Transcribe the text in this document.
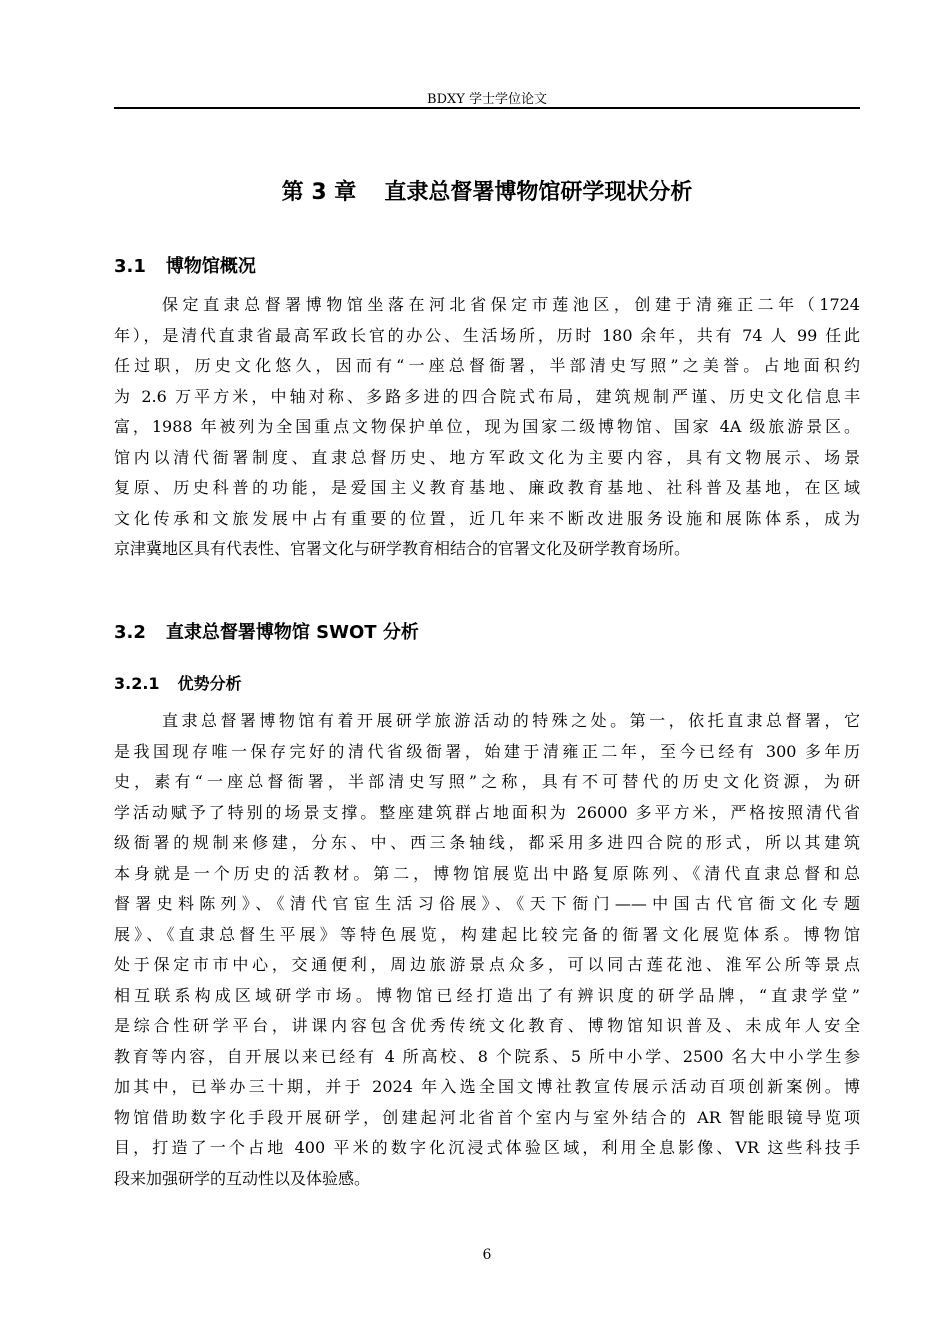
BDXY 学士学位论文
第 3 章 直隶总督署博物馆研学现状分析
3.1 博物馆概况
保定直隶总督署博物馆坐落在河北省保定市莲池区，创建于清雍正二年（1724
年），是清代直隶省最高军政长官的办公、生活场所，历时 180 余年，共有 74 人 99 任此
任过职，历史文化悠久，因而有“一座总督衙署，半部清史写照”之美誉。占地面积约
为 2.6 万平方米，中轴对称、多路多进的四合院式布局，建筑规制严谨、历史文化信息丰
富，1988 年被列为全国重点文物保护单位，现为国家二级博物馆、国家 4A 级旅游景区。
馆内以清代衙署制度、直隶总督历史、地方军政文化为主要内容，具有文物展示、场景
复原、历史科普的功能，是爱国主义教育基地、廉政教育基地、社科普及基地，在区域
文化传承和文旅发展中占有重要的位置，近几年来不断改进服务设施和展陈体系，成为
京津冀地区具有代表性、官署文化与研学教育相结合的官署文化及研学教育场所。
3.2 直隶总督署博物馆 SWOT 分析
3.2.1 优势分析
直隶总督署博物馆有着开展研学旅游活动的特殊之处。第一，依托直隶总督署，它
是我国现存唯一保存完好的清代省级衙署，始建于清雍正二年，至今已经有 300 多年历
史，素有“一座总督衙署，半部清史写照”之称，具有不可替代的历史文化资源，为研
学活动赋予了特别的场景支撑。整座建筑群占地面积为 26000 多平方米，严格按照清代省
级衙署的规制来修建，分东、中、西三条轴线，都采用多进四合院的形式，所以其建筑
本身就是一个历史的活教材。第二，博物馆展览出中路复原陈列、《清代直隶总督和总
督署史料陈列》、《清代官宦生活习俗展》、《天下衙门——中国古代官衙文化专题
展》、《直隶总督生平展》等特色展览，构建起比较完备的衙署文化展览体系。博物馆
处于保定市市中心，交通便利，周边旅游景点众多，可以同古莲花池、淮军公所等景点
相互联系构成区域研学市场。博物馆已经打造出了有辨识度的研学品牌，“直隶学堂”
是综合性研学平台，讲课内容包含优秀传统文化教育、博物馆知识普及、未成年人安全
教育等内容，自开展以来已经有 4 所高校、8 个院系、5 所中小学、2500 名大中小学生参
加其中，已举办三十期，并于 2024 年入选全国文博社教宣传展示活动百项创新案例。博
物馆借助数字化手段开展研学，创建起河北省首个室内与室外结合的 AR 智能眼镜导览项
目，打造了一个占地 400 平米的数字化沉浸式体验区域，利用全息影像、VR 这些科技手
段来加强研学的互动性以及体验感。
6
